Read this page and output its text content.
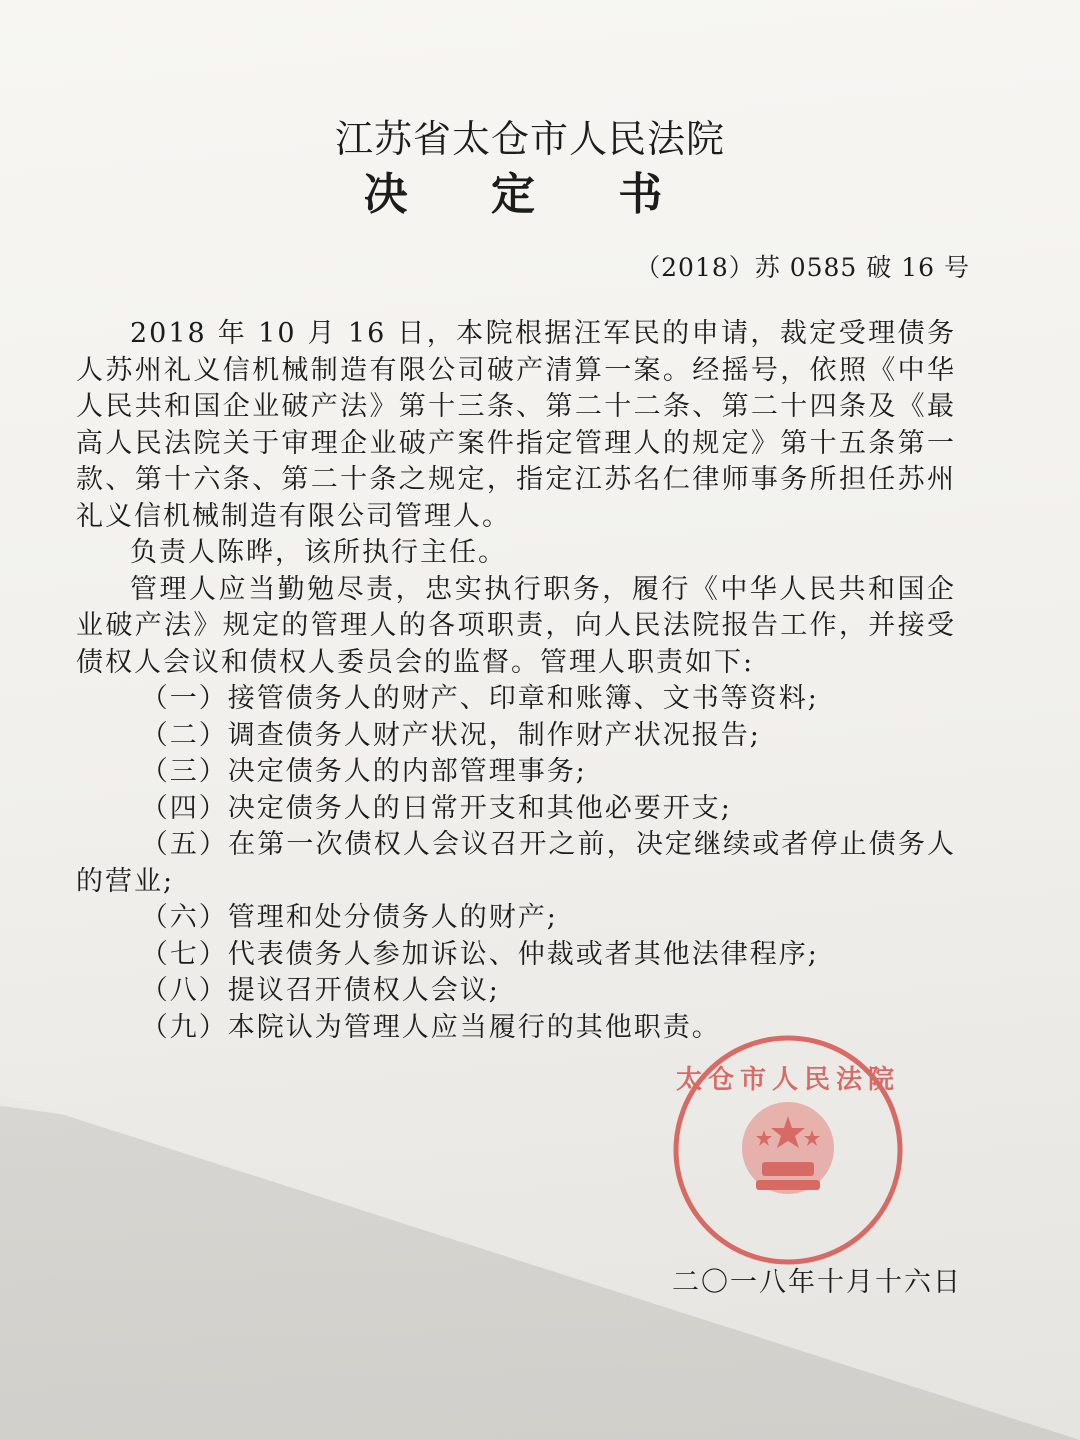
江苏省太仓市人民法院
决 定 书
（2018）苏 0585 破 16 号

2018 年 10 月 16 日，本院根据汪军民的申请，裁定受理债务人苏州礼义信机械制造有限公司破产清算一案。经摇号，依照《中华人民共和国企业破产法》第十三条、第二十二条、第二十四条及《最高人民法院关于审理企业破产案件指定管理人的规定》第十五条第一款、第十六条、第二十条之规定，指定江苏名仁律师事务所担任苏州礼义信机械制造有限公司管理人。

负责人陈晔，该所执行主任。

管理人应当勤勉尽责，忠实执行职务，履行《中华人民共和国企业破产法》规定的管理人的各项职责，向人民法院报告工作，并接受债权人会议和债权人委员会的监督。管理人职责如下:

（一）接管债务人的财产、印章和账簿、文书等资料;
（二）调查债务人财产状况，制作财产状况报告;
（三）决定债务人的内部管理事务;
（四）决定债务人的日常开支和其他必要开支;
（五）在第一次债权人会议召开之前，决定继续或者停止债务人的营业;
（六）管理和处分债务人的财产;
（七）代表债务人参加诉讼、仲裁或者其他法律程序;
（八）提议召开债权人会议;
（九）本院认为管理人应当履行的其他职责。
太仓市人民法院
二〇一八年十月十六日
